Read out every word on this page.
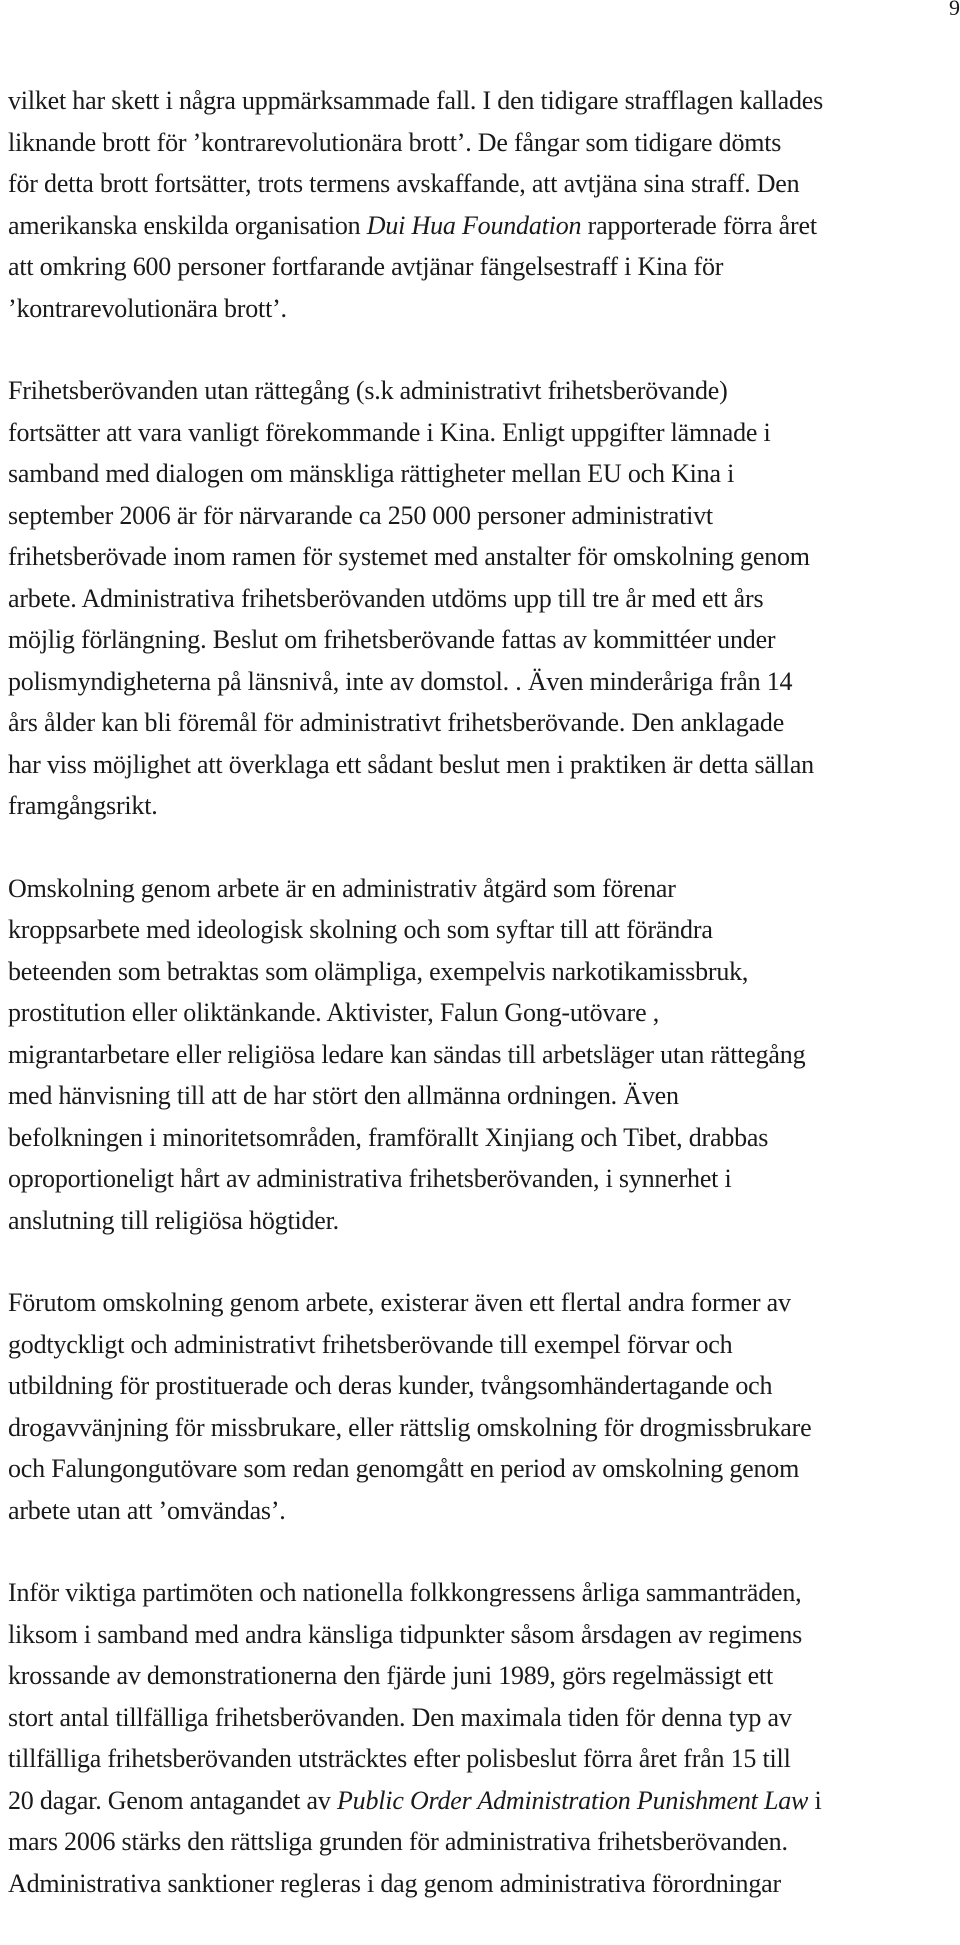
9

vilket har skett i några uppmärksammade fall. I den tidigare strafflagen kallades
liknande brott för ’kontrarevolutionära brott’. De fångar som tidigare dömts
för detta brott fortsätter, trots termens avskaffande, att avtjäna sina straff. Den
amerikanska enskilda organisation Dui Hua Foundation rapporterade förra året
att omkring 600 personer fortfarande avtjänar fängelsestraff i Kina för
’kontrarevolutionära brott’.

Frihetsberövanden utan rättegång (s.k administrativt frihetsberövande)
fortsätter att vara vanligt förekommande i Kina. Enligt uppgifter lämnade i
samband med dialogen om mänskliga rättigheter mellan EU och Kina i
september 2006 är för närvarande ca 250 000 personer administrativt
frihetsberövade inom ramen för systemet med anstalter för omskolning genom
arbete. Administrativa frihetsberövanden utdöms upp till tre år med ett års
möjlig förlängning. Beslut om frihetsberövande fattas av kommittéer under
polismyndigheterna på länsnivå, inte av domstol. . Även minderåriga från 14
års ålder kan bli föremål för administrativt frihetsberövande. Den anklagade
har viss möjlighet att överklaga ett sådant beslut men i praktiken är detta sällan
framgångsrikt.

Omskolning genom arbete är en administrativ åtgärd som förenar
kroppsarbete med ideologisk skolning och som syftar till att förändra
beteenden som betraktas som olämpliga, exempelvis narkotikamissbruk,
prostitution eller oliktänkande. Aktivister, Falun Gong-utövare ,
migrantarbetare eller religiösa ledare kan sändas till arbetsläger utan rättegång
med hänvisning till att de har stört den allmänna ordningen. Även
befolkningen i minoritetsområden, framförallt Xinjiang och Tibet, drabbas
oproportioneligt hårt av administrativa frihetsberövanden, i synnerhet i
anslutning till religiösa högtider.

Förutom omskolning genom arbete, existerar även ett flertal andra former av
godtyckligt och administrativt frihetsberövande till exempel förvar och
utbildning för prostituerade och deras kunder, tvångsomhändertagande och
drogavvänjning för missbrukare, eller rättslig omskolning för drogmissbrukare
och Falungongutövare som redan genomgått en period av omskolning genom
arbete utan att ’omvändas’.

Inför viktiga partimöten och nationella folkkongressens årliga sammanträden,
liksom i samband med andra känsliga tidpunkter såsom årsdagen av regimens
krossande av demonstrationerna den fjärde juni 1989, görs regelmässigt ett
stort antal tillfälliga frihetsberövanden. Den maximala tiden för denna typ av
tillfälliga frihetsberövanden utsträcktes efter polisbeslut förra året från 15 till
20 dagar. Genom antagandet av Public Order Administration Punishment Law i
mars 2006 stärks den rättsliga grunden för administrativa frihetsberövanden.
Administrativa sanktioner regleras i dag genom administrativa förordningar
